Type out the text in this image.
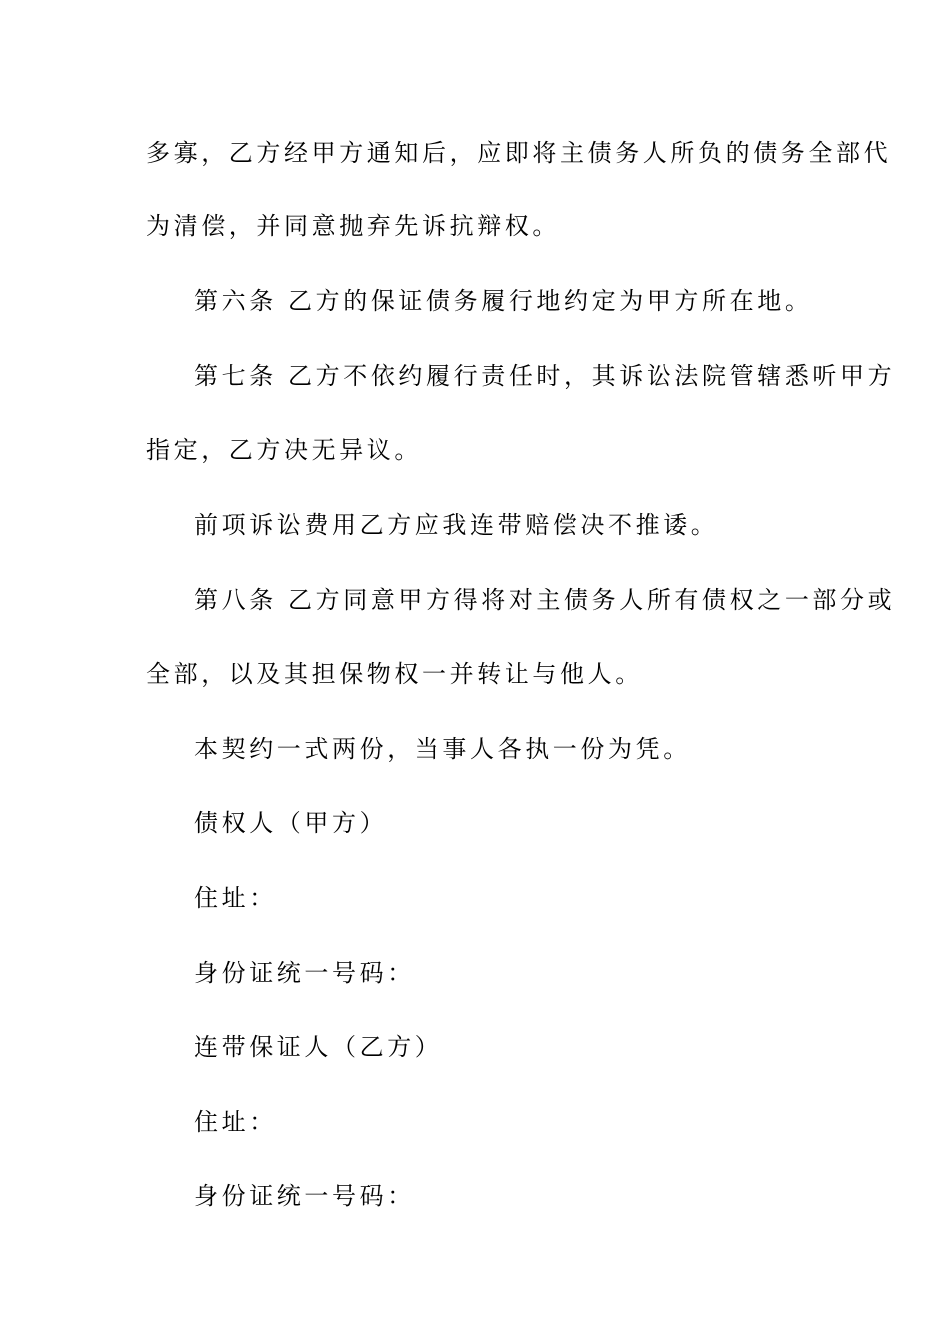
多寡，乙方经甲方通知后，应即将主债务人所负的债务全部代
为清偿，并同意抛弃先诉抗辩权。
第六条 乙方的保证债务履行地约定为甲方所在地。
第七条 乙方不依约履行责任时，其诉讼法院管辖悉听甲方
指定，乙方决无异议。
前项诉讼费用乙方应我连带赔偿决不推诿。
第八条 乙方同意甲方得将对主债务人所有债权之一部分或
全部，以及其担保物权一并转让与他人。
本契约一式两份，当事人各执一份为凭。
债权人（甲方）
住址：
身份证统一号码：
连带保证人（乙方）
住址：
身份证统一号码：
